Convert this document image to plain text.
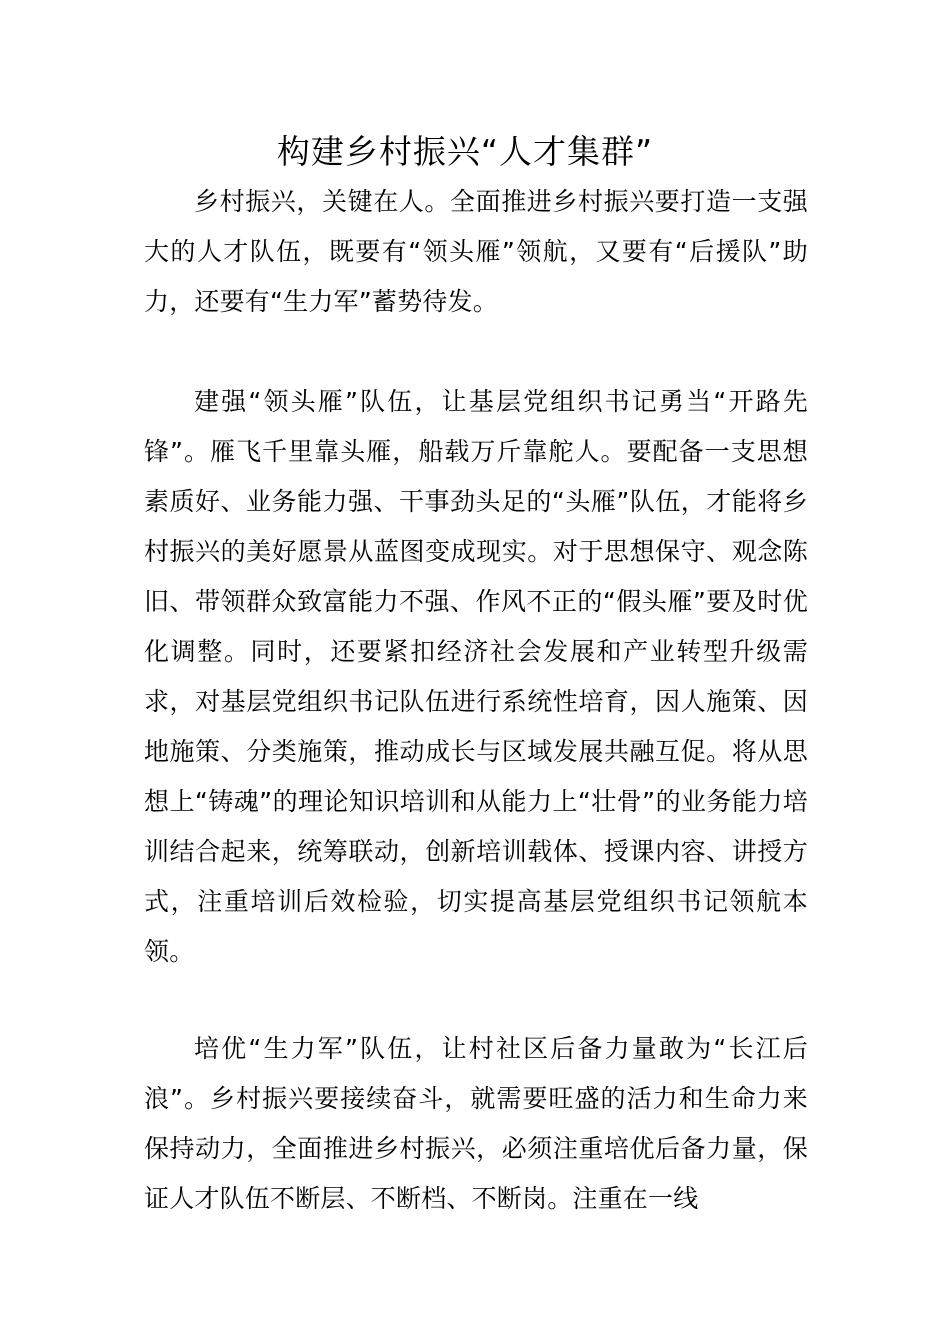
构建乡村振兴“人才集群”

乡村振兴，关键在人。全面推进乡村振兴要打造一支强大的人才队伍，既要有“领头雁”领航，又要有“后援队”助力，还要有“生力军”蓄势待发。

建强“领头雁”队伍，让基层党组织书记勇当“开路先锋”。雁飞千里靠头雁，船载万斤靠舵人。要配备一支思想素质好、业务能力强、干事劲头足的“头雁”队伍，才能将乡村振兴的美好愿景从蓝图变成现实。对于思想保守、观念陈旧、带领群众致富能力不强、作风不正的“假头雁”要及时优化调整。同时，还要紧扣经济社会发展和产业转型升级需求，对基层党组织书记队伍进行系统性培育，因人施策、因地施策、分类施策，推动成长与区域发展共融互促。将从思想上“铸魂”的理论知识培训和从能力上“壮骨”的业务能力培训结合起来，统筹联动，创新培训载体、授课内容、讲授方式，注重培训后效检验，切实提高基层党组织书记领航本领。

培优“生力军”队伍，让村社区后备力量敢为“长江后浪”。乡村振兴要接续奋斗，就需要旺盛的活力和生命力来保持动力，全面推进乡村振兴，必须注重培优后备力量，保证人才队伍不断层、不断档、不断岗。注重在一线
